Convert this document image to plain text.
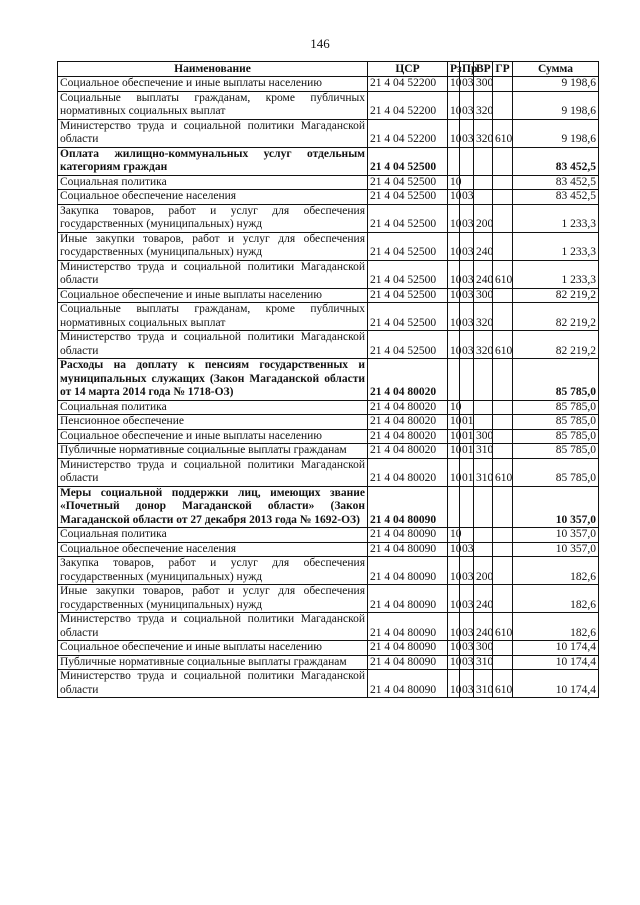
146
Наименование	ЦСР	Рз	Пр	ВР	ГР	Сумма
Социальное обеспечение и иные выплаты населению	21 4 04 52200	10	03	300		9 198,6
Социальные выплаты гражданам, кроме публичных нормативных социальных выплат	21 4 04 52200	10	03	320		9 198,6
Министерство труда и социальной политики Магаданской области	21 4 04 52200	10	03	320	610	9 198,6
Оплата жилищно-коммунальных услуг отдельным категориям граждан	21 4 04 52500					83 452,5
Социальная политика	21 4 04 52500	10				83 452,5
Социальное обеспечение населения	21 4 04 52500	10	03			83 452,5
Закупка товаров, работ и услуг для обеспечения государственных (муниципальных) нужд	21 4 04 52500	10	03	200		1 233,3
Иные закупки товаров, работ и услуг для обеспечения государственных (муниципальных) нужд	21 4 04 52500	10	03	240		1 233,3
Министерство труда и социальной политики Магаданской области	21 4 04 52500	10	03	240	610	1 233,3
Социальное обеспечение и иные выплаты населению	21 4 04 52500	10	03	300		82 219,2
Социальные выплаты гражданам, кроме публичных нормативных социальных выплат	21 4 04 52500	10	03	320		82 219,2
Министерство труда и социальной политики Магаданской области	21 4 04 52500	10	03	320	610	82 219,2
Расходы на доплату к пенсиям государственных и муниципальных служащих (Закон Магаданской области от 14 марта 2014 года № 1718-ОЗ)	21 4 04 80020					85 785,0
Социальная политика	21 4 04 80020	10				85 785,0
Пенсионное обеспечение	21 4 04 80020	10	01			85 785,0
Социальное обеспечение и иные выплаты населению	21 4 04 80020	10	01	300		85 785,0
Публичные нормативные социальные выплаты гражданам	21 4 04 80020	10	01	310		85 785,0
Министерство труда и социальной политики Магаданской области	21 4 04 80020	10	01	310	610	85 785,0
Меры социальной поддержки лиц, имеющих звание «Почетный донор Магаданской области» (Закон Магаданской области от 27 декабря 2013 года № 1692-ОЗ)	21 4 04 80090					10 357,0
Социальная политика	21 4 04 80090	10				10 357,0
Социальное обеспечение населения	21 4 04 80090	10	03			10 357,0
Закупка товаров, работ и услуг для обеспечения государственных (муниципальных) нужд	21 4 04 80090	10	03	200		182,6
Иные закупки товаров, работ и услуг для обеспечения государственных (муниципальных) нужд	21 4 04 80090	10	03	240		182,6
Министерство труда и социальной политики Магаданской области	21 4 04 80090	10	03	240	610	182,6
Социальное обеспечение и иные выплаты населению	21 4 04 80090	10	03	300		10 174,4
Публичные нормативные социальные выплаты гражданам	21 4 04 80090	10	03	310		10 174,4
Министерство труда и социальной политики Магаданской области	21 4 04 80090	10	03	310	610	10 174,4
